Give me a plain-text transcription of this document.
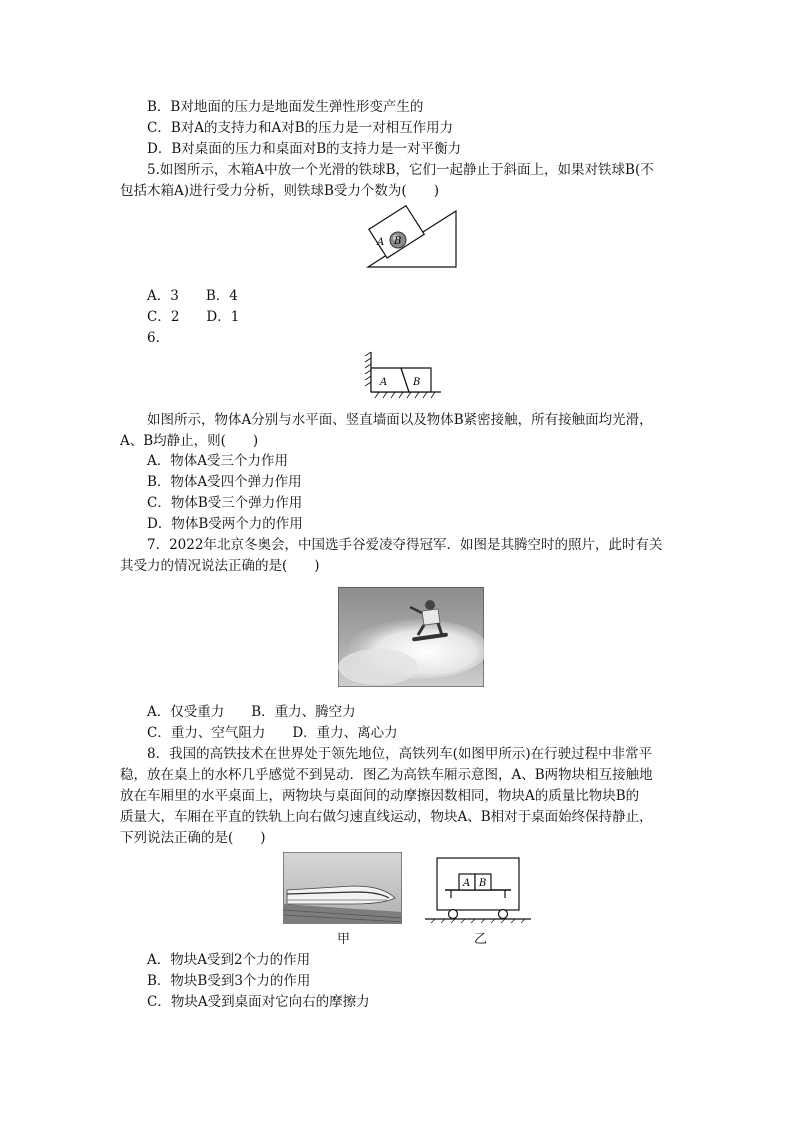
B．B对地面的压力是地面发生弹性形变产生的
C．B对A的支持力和A对B的压力是一对相互作用力
D．B对桌面的压力和桌面对B的支持力是一对平衡力
5.如图所示，木箱A中放一个光滑的铁球B，它们一起静止于斜面上，如果对铁球B(不
包括木箱A)进行受力分析，则铁球B受力个数为(　　)
A B
A．3　　B．4
C．2　　D．1
6.
A	B
如图所示，物体A分别与水平面、竖直墙面以及物体B紧密接触，所有接触面均光滑，
A、B均静止，则(　　)
A．物体A受三个力作用
B．物体A受四个弹力作用
C．物体B受三个弹力作用
D．物体B受两个力的作用
7．2022年北京冬奥会，中国选手谷爱凌夺得冠军．如图是其腾空时的照片，此时有关
其受力的情况说法正确的是(　　)
A．仅受重力　　B．重力、腾空力
C．重力、空气阻力　　D．重力、离心力
8．我国的高铁技术在世界处于领先地位，高铁列车(如图甲所示)在行驶过程中非常平
稳，放在桌上的水杯几乎感觉不到晃动．图乙为高铁车厢示意图，A、B两物块相互接触地
放在车厢里的水平桌面上，两物块与桌面间的动摩擦因数相同，物块A的质量比物块B的
质量大，车厢在平直的铁轨上向右做匀速直线运动，物块A、B相对于桌面始终保持静止，
下列说法正确的是(　　)
A B
甲	乙
A．物块A受到2个力的作用
B．物块B受到3个力的作用
C．物块A受到桌面对它向右的摩擦力
